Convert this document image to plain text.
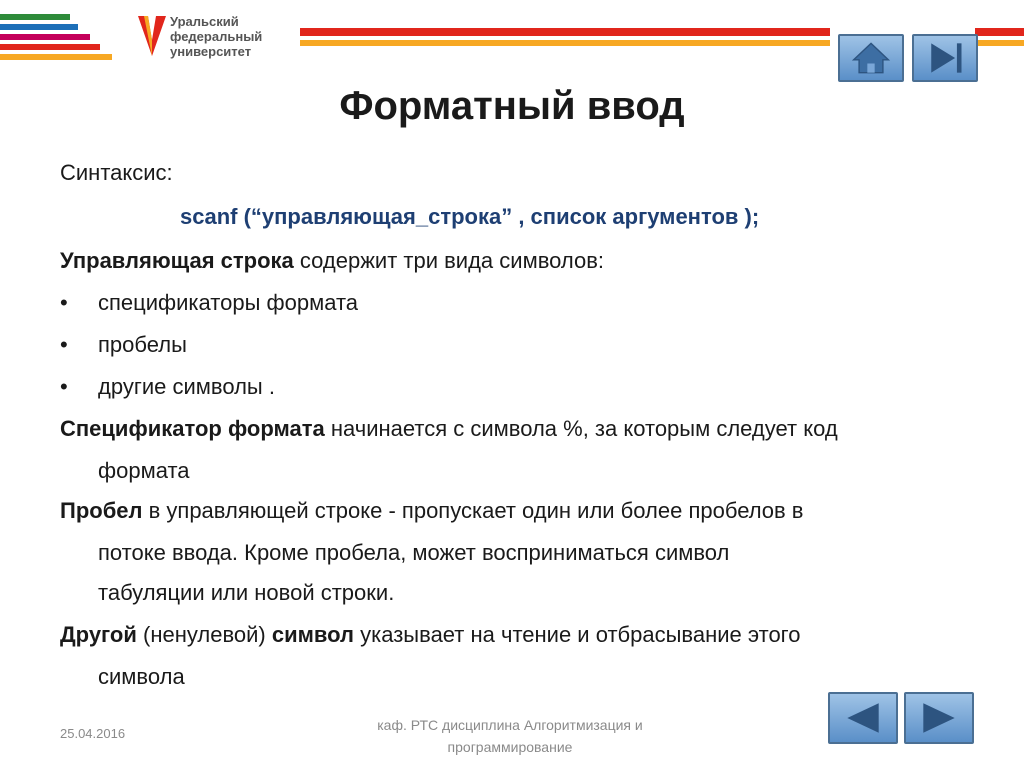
Уральский
федеральный
университет
Форматный ввод
Синтаксис:
scanf (“управляющая_строка” , список аргументов );
Управляющая строка содержит три вида символов:
• спецификаторы формата
• пробелы
• другие символы .
Спецификатор формата начинается с символа %, за которым следует код
формата
Пробел в управляющей строке - пропускает один или более пробелов в
потоке ввода. Кроме пробела, может восприниматься символ
табуляции или новой строки.
Другой (ненулевой) символ указывает на чтение и отбрасывание этого
символа
25.04.2016
каф. РТС дисциплина Алгоритмизация и программирование
